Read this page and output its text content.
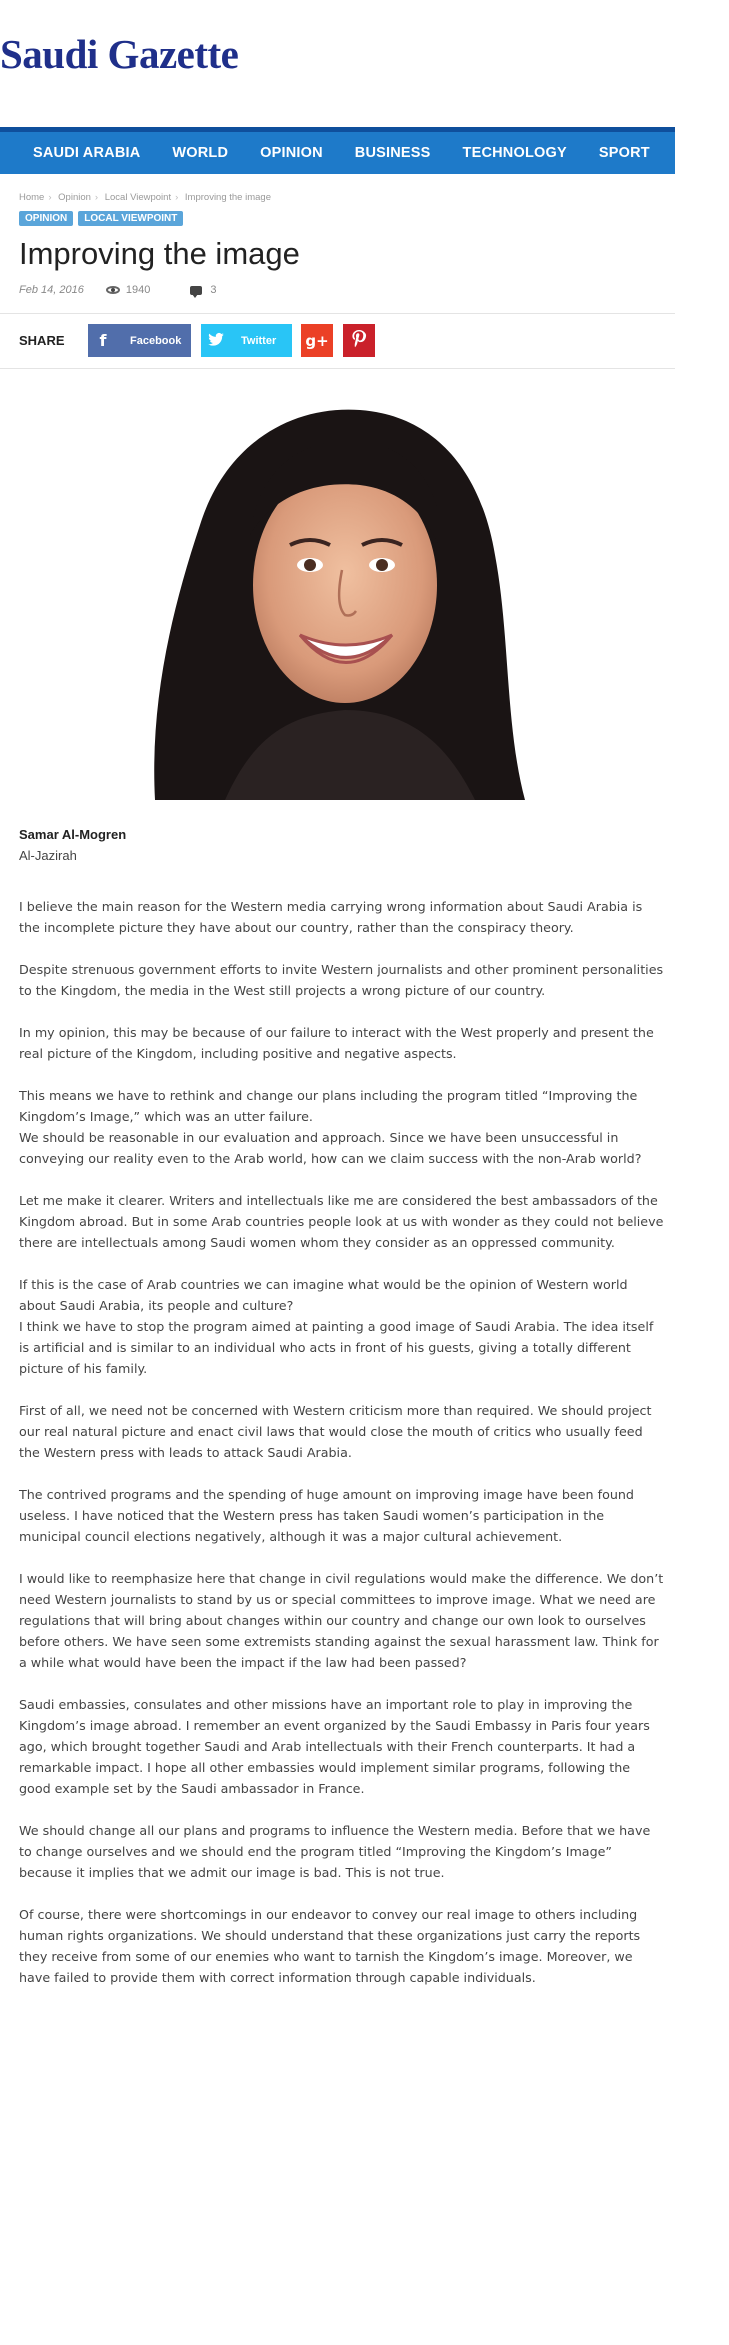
Saudi Gazette
SAUDI ARABIA WORLD OPINION BUSINESS TECHNOLOGY SPORT LIFE ▼
Home › Opinion › Local Viewpoint › Improving the image
OPINION	LOCAL VIEWPOINT
Improving the image
Feb 14, 2016	1940	3
SHARE	f	Facebook	Twitter g+
Samar Al-Mogren
Al-Jazirah

I believe the main reason for the Western media carrying wrong information about Saudi Arabia is the incomplete picture they have about our country, rather than the conspiracy theory.

Despite strenuous government efforts to invite Western journalists and other prominent personalities to the Kingdom, the media in the West still projects a wrong picture of our country.

In my opinion, this may be because of our failure to interact with the West properly and present the real picture of the Kingdom, including positive and negative aspects.

This means we have to rethink and change our plans including the program titled “Improving the Kingdom’s Image,” which was an utter failure.
We should be reasonable in our evaluation and approach. Since we have been unsuccessful in conveying our reality even to the Arab world, how can we claim success with the non-Arab world?

Let me make it clearer. Writers and intellectuals like me are considered the best ambassadors of the Kingdom abroad. But in some Arab countries people look at us with wonder as they could not believe there are intellectuals among Saudi women whom they consider as an oppressed community.

If this is the case of Arab countries we can imagine what would be the opinion of Western world about Saudi Arabia, its people and culture?
I think we have to stop the program aimed at painting a good image of Saudi Arabia. The idea itself is artificial and is similar to an individual who acts in front of his guests, giving a totally different picture of his family.

First of all, we need not be concerned with Western criticism more than required. We should project our real natural picture and enact civil laws that would close the mouth of critics who usually feed the Western press with leads to attack Saudi Arabia.

The contrived programs and the spending of huge amount on improving image have been found useless. I have noticed that the Western press has taken Saudi women’s participation in the municipal council elections negatively, although it was a major cultural achievement.

I would like to reemphasize here that change in civil regulations would make the difference. We don’t need Western journalists to stand by us or special committees to improve image. What we need are regulations that will bring about changes within our country and change our own look to ourselves before others. We have seen some extremists standing against the sexual harassment law. Think for a while what would have been the impact if the law had been passed?

Saudi embassies, consulates and other missions have an important role to play in improving the Kingdom’s image abroad. I remember an event organized by the Saudi Embassy in Paris four years ago, which brought together Saudi and Arab intellectuals with their French counterparts. It had a remarkable impact. I hope all other embassies would implement similar programs, following the good example set by the Saudi ambassador in France.

We should change all our plans and programs to influence the Western media. Before that we have to change ourselves and we should end the program titled “Improving the Kingdom’s Image” because it implies that we admit our image is bad. This is not true.

Of course, there were shortcomings in our endeavor to convey our real image to others including human rights organizations. We should understand that these organizations just carry the reports they receive from some of our enemies who want to tarnish the Kingdom’s image. Moreover, we have failed to provide them with correct information through capable individuals.
